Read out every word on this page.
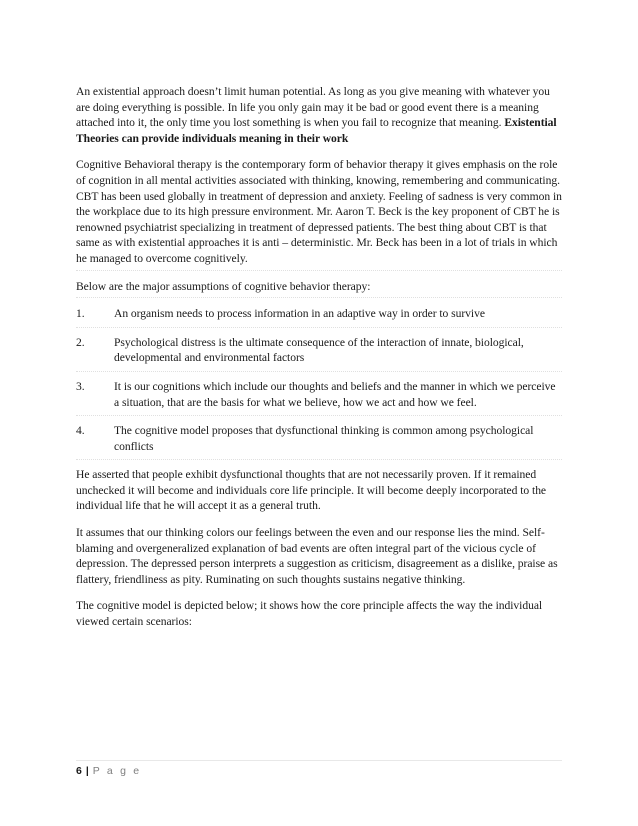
An existential approach doesn’t limit human potential. As long as you give meaning with whatever you are doing everything is possible. In life you only gain may it be bad or good event there is a meaning attached into it, the only time you lost something is when you fail to recognize that meaning. Existential Theories can provide individuals meaning in their work

Cognitive Behavioral therapy is the contemporary form of behavior therapy it gives emphasis on the role of cognition in all mental activities associated with thinking, knowing, remembering and communicating. CBT has been used globally in treatment of depression and anxiety. Feeling of sadness is very common in the workplace due to its high pressure environment. Mr. Aaron T. Beck is the key proponent of CBT he is renowned psychiatrist specializing in treatment of depressed patients. The best thing about CBT is that same as with existential approaches it is anti – deterministic. Mr. Beck has been in a lot of trials in which he managed to overcome cognitively.

Below are the major assumptions of cognitive behavior therapy:

1.	An organism needs to process information in an adaptive way in order to survive
2.	Psychological distress is the ultimate consequence of the interaction of innate, biological, developmental and environmental factors
3.	It is our cognitions which include our thoughts and beliefs and the manner in which we perceive a situation, that are the basis for what we believe, how we act and how we feel.
4.	The cognitive model proposes that dysfunctional thinking is common among psychological conflicts

He asserted that people exhibit dysfunctional thoughts that are not necessarily proven. If it remained unchecked it will become and individuals core life principle. It will become deeply incorporated to the individual life that he will accept it as a general truth.

It assumes that our thinking colors our feelings between the even and our response lies the mind. Self-blaming and overgeneralized explanation of bad events are often integral part of the vicious cycle of depression. The depressed person interprets a suggestion as criticism, disagreement as a dislike, praise as flattery, friendliness as pity. Ruminating on such thoughts sustains negative thinking.

The cognitive model is depicted below; it shows how the core principle affects the way the individual viewed certain scenarios:

6 | P a g e
